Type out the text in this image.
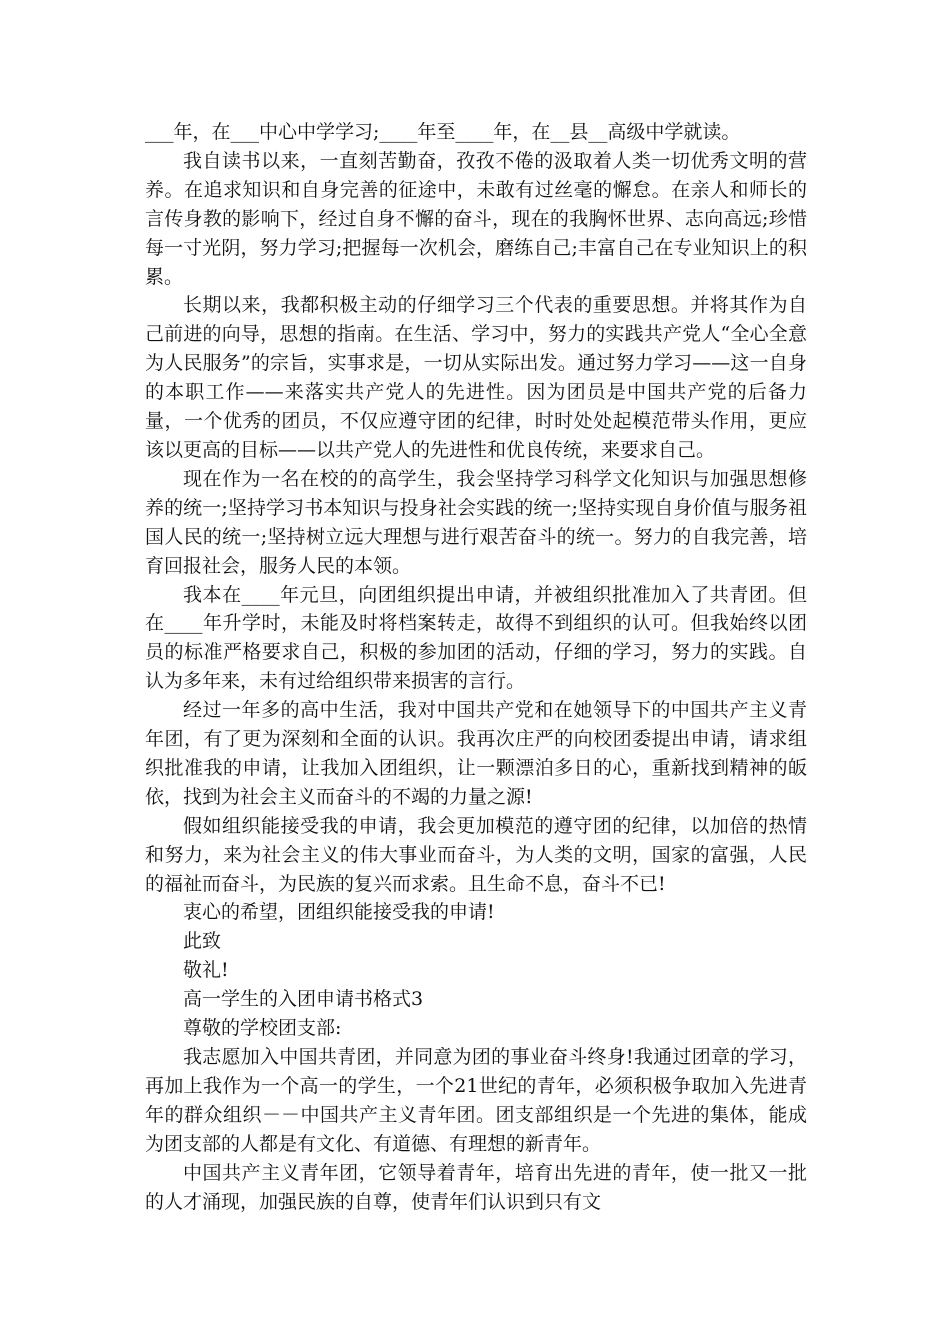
___年，在___中心中学学习;____年至____年，在__县__高级中学就读。

我自读书以来，一直刻苦勤奋，孜孜不倦的汲取着人类一切优秀文明的营养。在追求知识和自身完善的征途中，未敢有过丝毫的懈怠。在亲人和师长的言传身教的影响下，经过自身不懈的奋斗，现在的我胸怀世界、志向高远;珍惜每一寸光阴，努力学习;把握每一次机会，磨练自己;丰富自己在专业知识上的积累。

长期以来，我都积极主动的仔细学习三个代表的重要思想。并将其作为自己前进的向导，思想的指南。在生活、学习中，努力的实践共产党人“全心全意为人民服务”的宗旨，实事求是，一切从实际出发。通过努力学习——这一自身的本职工作——来落实共产党人的先进性。因为团员是中国共产党的后备力量，一个优秀的团员，不仅应遵守团的纪律，时时处处起模范带头作用，更应该以更高的目标——以共产党人的先进性和优良传统，来要求自己。

现在作为一名在校的的高学生，我会坚持学习科学文化知识与加强思想修养的统一;坚持学习书本知识与投身社会实践的统一;坚持实现自身价值与服务祖国人民的统一;坚持树立远大理想与进行艰苦奋斗的统一。努力的自我完善，培育回报社会，服务人民的本领。

我本在____年元旦，向团组织提出申请，并被组织批准加入了共青团。但在____年升学时，未能及时将档案转走，故得不到组织的认可。但我始终以团员的标准严格要求自己，积极的参加团的活动，仔细的学习，努力的实践。自认为多年来，未有过给组织带来损害的言行。

经过一年多的高中生活，我对中国共产党和在她领导下的中国共产主义青年团，有了更为深刻和全面的认识。我再次庄严的向校团委提出申请，请求组织批准我的申请，让我加入团组织，让一颗漂泊多日的心，重新找到精神的皈依，找到为社会主义而奋斗的不竭的力量之源!

假如组织能接受我的申请，我会更加模范的遵守团的纪律，以加倍的热情和努力，来为社会主义的伟大事业而奋斗，为人类的文明，国家的富强，人民的福祉而奋斗，为民族的复兴而求索。且生命不息，奋斗不已!

衷心的希望，团组织能接受我的申请!

此致

敬礼!

高一学生的入团申请书格式3

尊敬的学校团支部:

我志愿加入中国共青团，并同意为团的事业奋斗终身!我通过团章的学习，再加上我作为一个高一的学生，一个21世纪的青年，必须积极争取加入先进青年的群众组织－－中国共产主义青年团。团支部组织是一个先进的集体，能成为团支部的人都是有文化、有道德、有理想的新青年。

中国共产主义青年团，它领导着青年，培育出先进的青年，使一批又一批的人才涌现，加强民族的自尊，使青年们认识到只有文
